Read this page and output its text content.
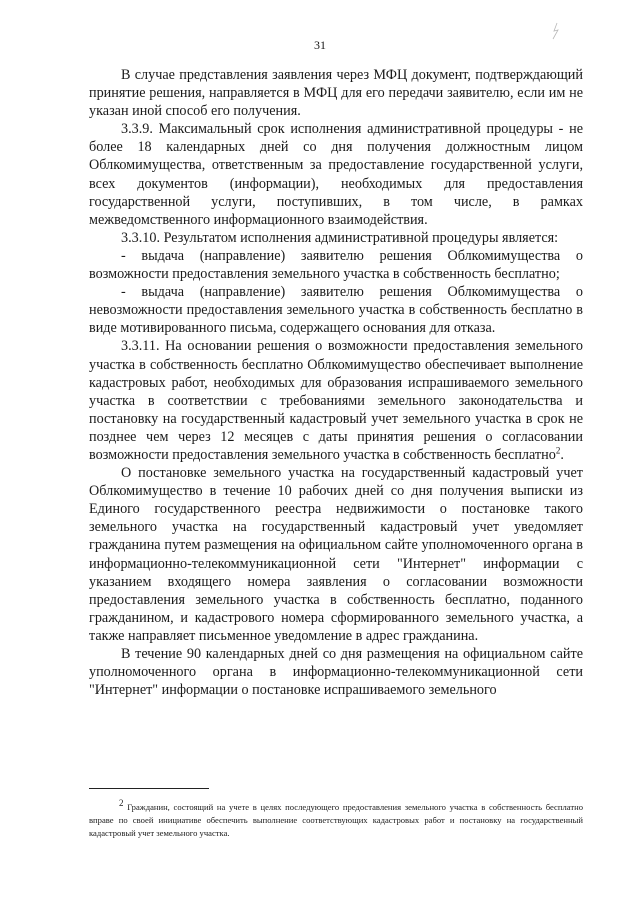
31

В случае представления заявления через МФЦ документ, подтверждающий принятие решения, направляется в МФЦ для его передачи заявителю, если им не указан иной способ его получения.

3.3.9. Максимальный срок исполнения административной процедуры - не более 18 календарных дней со дня получения должностным лицом Облкомимущества, ответственным за предоставление государственной услуги, всех документов (информации), необходимых для предоставления государственной услуги, поступивших, в том числе, в рамках межведомственного информационного взаимодействия.

3.3.10. Результатом исполнения административной процедуры является:

- выдача (направление) заявителю решения Облкомимущества о возможности предоставления земельного участка в собственность бесплатно;

- выдача (направление) заявителю решения Облкомимущества о невозможности предоставления земельного участка в собственность бесплатно в виде мотивированного письма, содержащего основания для отказа.

3.3.11. На основании решения о возможности предоставления земельного участка в собственность бесплатно Облкомимущество обеспечивает выполнение кадастровых работ, необходимых для образования испрашиваемого земельного участка в соответствии с требованиями земельного законодательства и постановку на государственный кадастровый учет земельного участка в срок не позднее чем через 12 месяцев с даты принятия решения о согласовании возможности предоставления земельного участка в собственность бесплатно$^2$.

О постановке земельного участка на государственный кадастровый учет Облкомимущество в течение 10 рабочих дней со дня получения выписки из Единого государственного реестра недвижимости о постановке такого земельного участка на государственный кадастровый учет уведомляет гражданина путем размещения на официальном сайте уполномоченного органа в информационно-телекоммуникационной сети "Интернет" информации с указанием входящего номера заявления о согласовании возможности предоставления земельного участка в собственность бесплатно, поданного гражданином, и кадастрового номера сформированного земельного участка, а также направляет письменное уведомление в адрес гражданина.

В течение 90 календарных дней со дня размещения на официальном сайте уполномоченного органа в информационно-телекоммуникационной сети "Интернет" информации о постановке испрашиваемого земельного

$^2$ Гражданин, состоящий на учете в целях последующего предоставления земельного участка в собственность бесплатно вправе по своей инициативе обеспечить выполнение соответствующих кадастровых работ и постановку на государственный кадастровый учет земельного участка.
